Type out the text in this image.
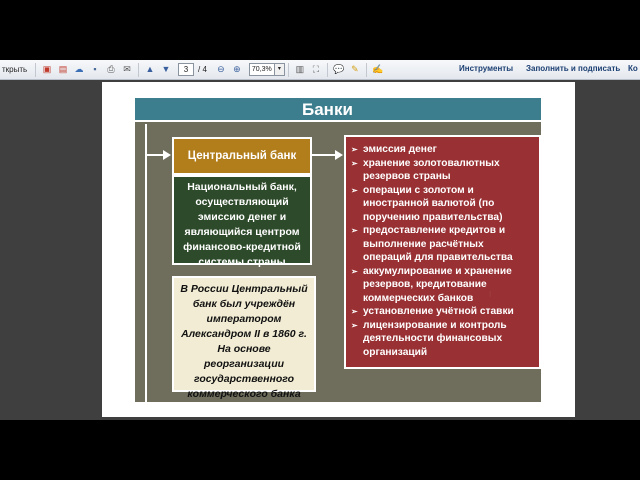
ткрыть	▣ ▤ ☁	▪	⎙ ✉ ▲ ▼	3	/ 4 ⊖ ⊕	70,3%	▾	▥ ⛶	💬 ✎ ✍	Инструменты Заполнить и подписать Ко
Банки
Центральный банк
Национальный банк,
осуществляющий
эмиссию денег и
являющийся центром
финансово-кредитной
системы страны
В России Центральный
банк был учреждён
императором
Александром II в 1860 г.
На основе
реорганизации
государственного
коммерческого банка
➢ эмиссия денег
➢ хранение золотовалютных
резервов страны
➢ операции с золотом и
иностранной валютой (по
поручению правительства)
➢ предоставление кредитов и
выполнение расчётных
операций для правительства
➢ аккумулирование и хранение
резервов, кредитование
коммерческих банков
➢ установление учётной ставки
➢ лицензирование и контроль
деятельности финансовых
организаций
I
